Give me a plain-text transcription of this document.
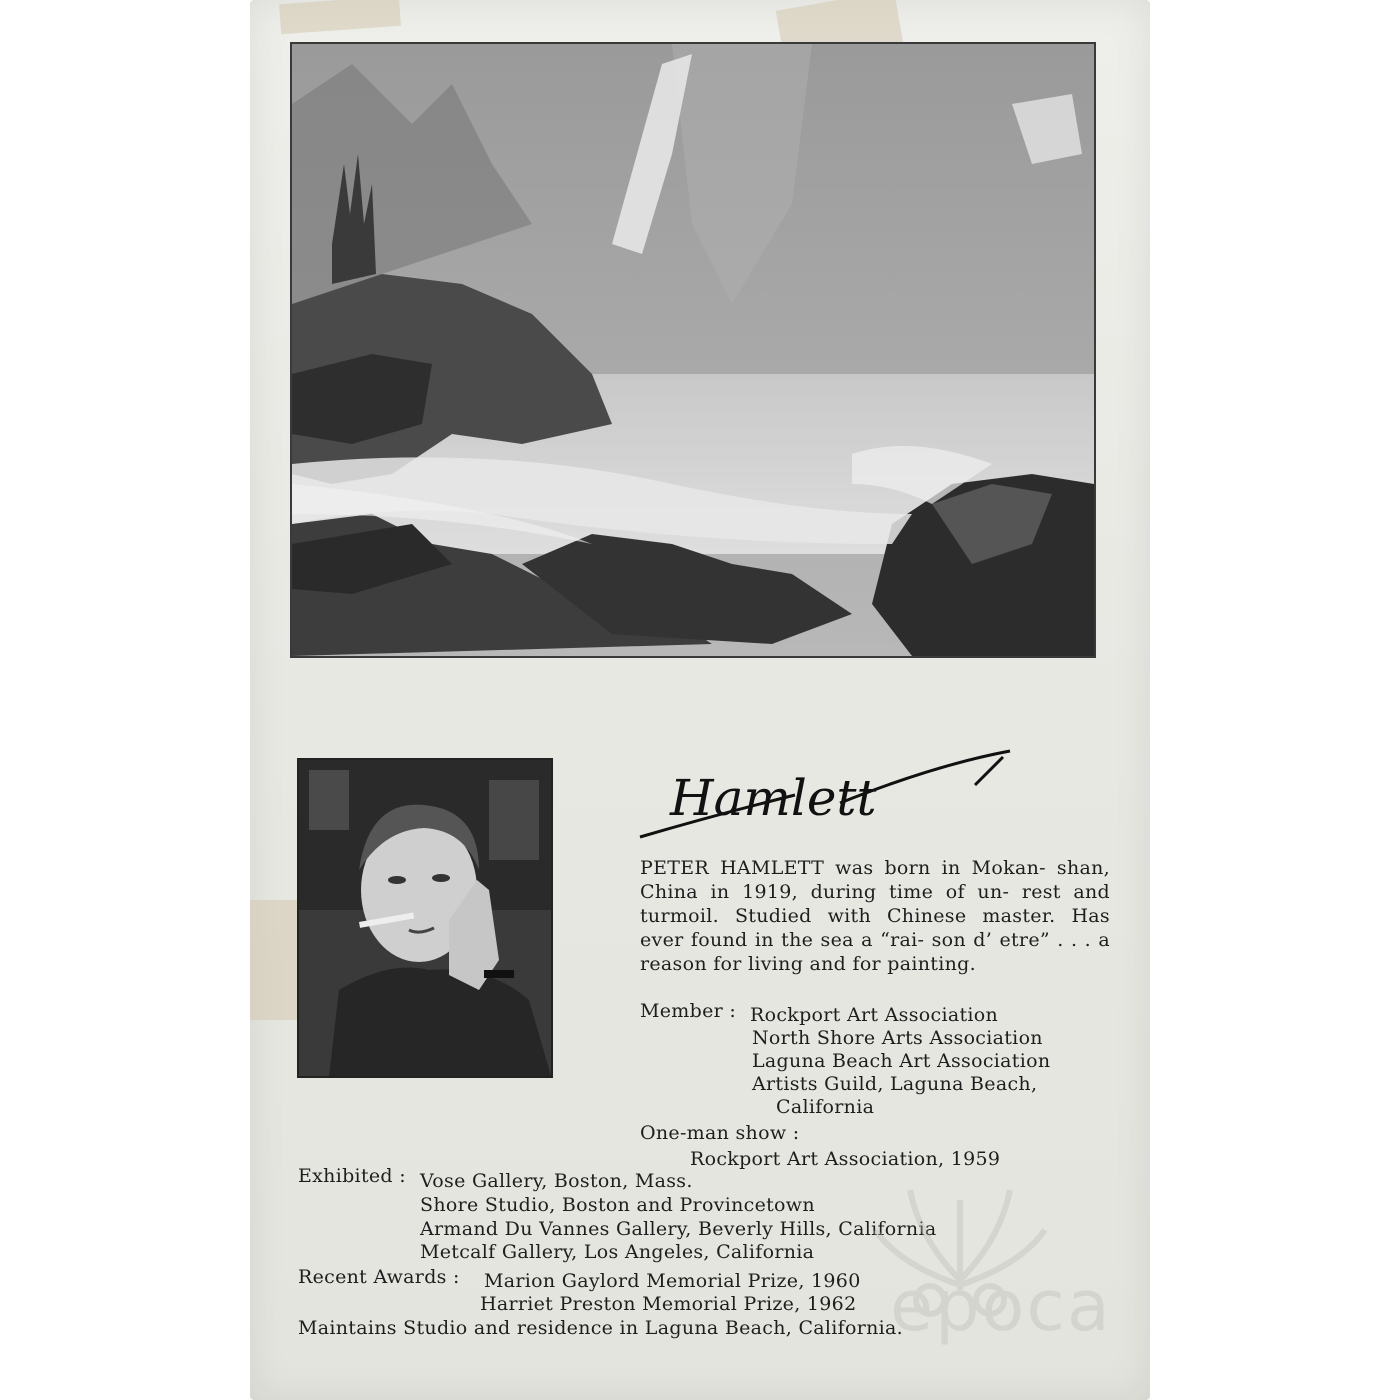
Hamlett
PETER HAMLETT was born in Mokan- shan, China in 1919, during time of un- rest and turmoil. Studied with Chinese master. Has ever found in the sea a “rai- son d’ etre” . . . a reason for living and for painting.
Member : Rockport Art Association
North Shore Arts Association
Laguna Beach Art Association
Artists Guild, Laguna Beach,
California
One-man show :
Rockport Art Association, 1959
Exhibited : Vose Gallery, Boston, Mass.
Shore Studio, Boston and Provincetown
Armand Du Vannes Gallery, Beverly Hills, California
Metcalf Gallery, Los Angeles, California
Recent Awards : Marion Gaylord Memorial Prize, 1960
Harriet Preston Memorial Prize, 1962
Maintains Studio and residence in Laguna Beach, California.
epoca
